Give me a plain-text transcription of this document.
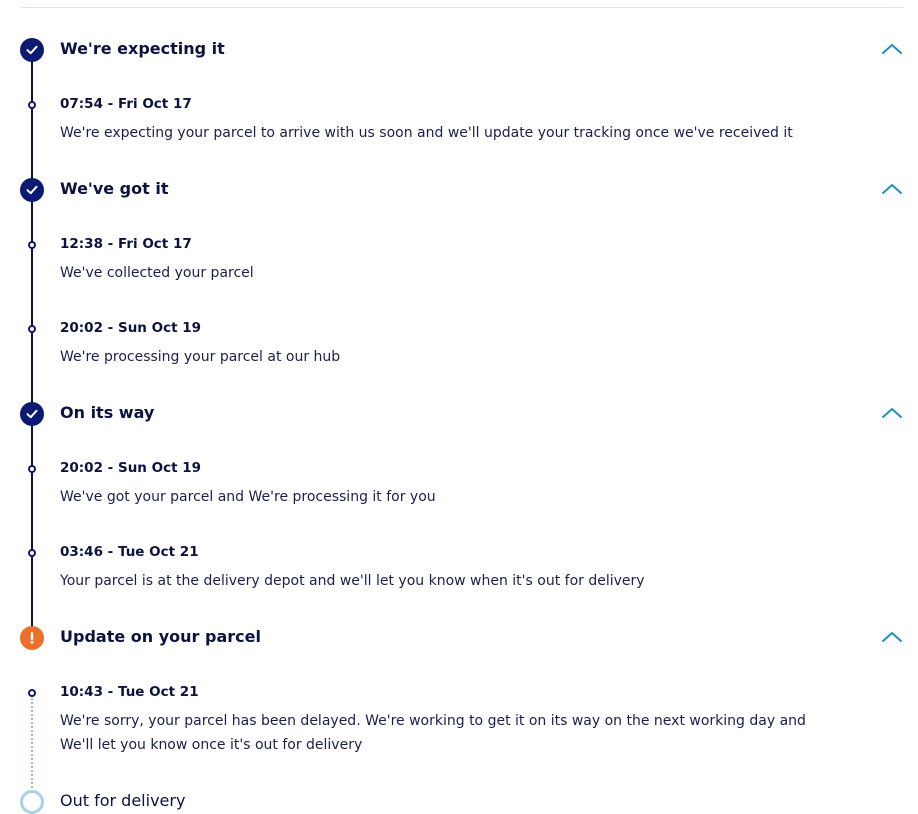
We're expecting it
07:54 - Fri Oct 17
We're expecting your parcel to arrive with us soon and we'll update your tracking once we've received it
We've got it
12:38 - Fri Oct 17
We've collected your parcel
20:02 - Sun Oct 19
We're processing your parcel at our hub
On its way
20:02 - Sun Oct 19
We've got your parcel and We're processing it for you
03:46 - Tue Oct 21
Your parcel is at the delivery depot and we'll let you know when it's out for delivery
Update on your parcel
10:43 - Tue Oct 21
We're sorry, your parcel has been delayed. We're working to get it on its way on the next working day and We'll let you know once it's out for delivery
Out for delivery
